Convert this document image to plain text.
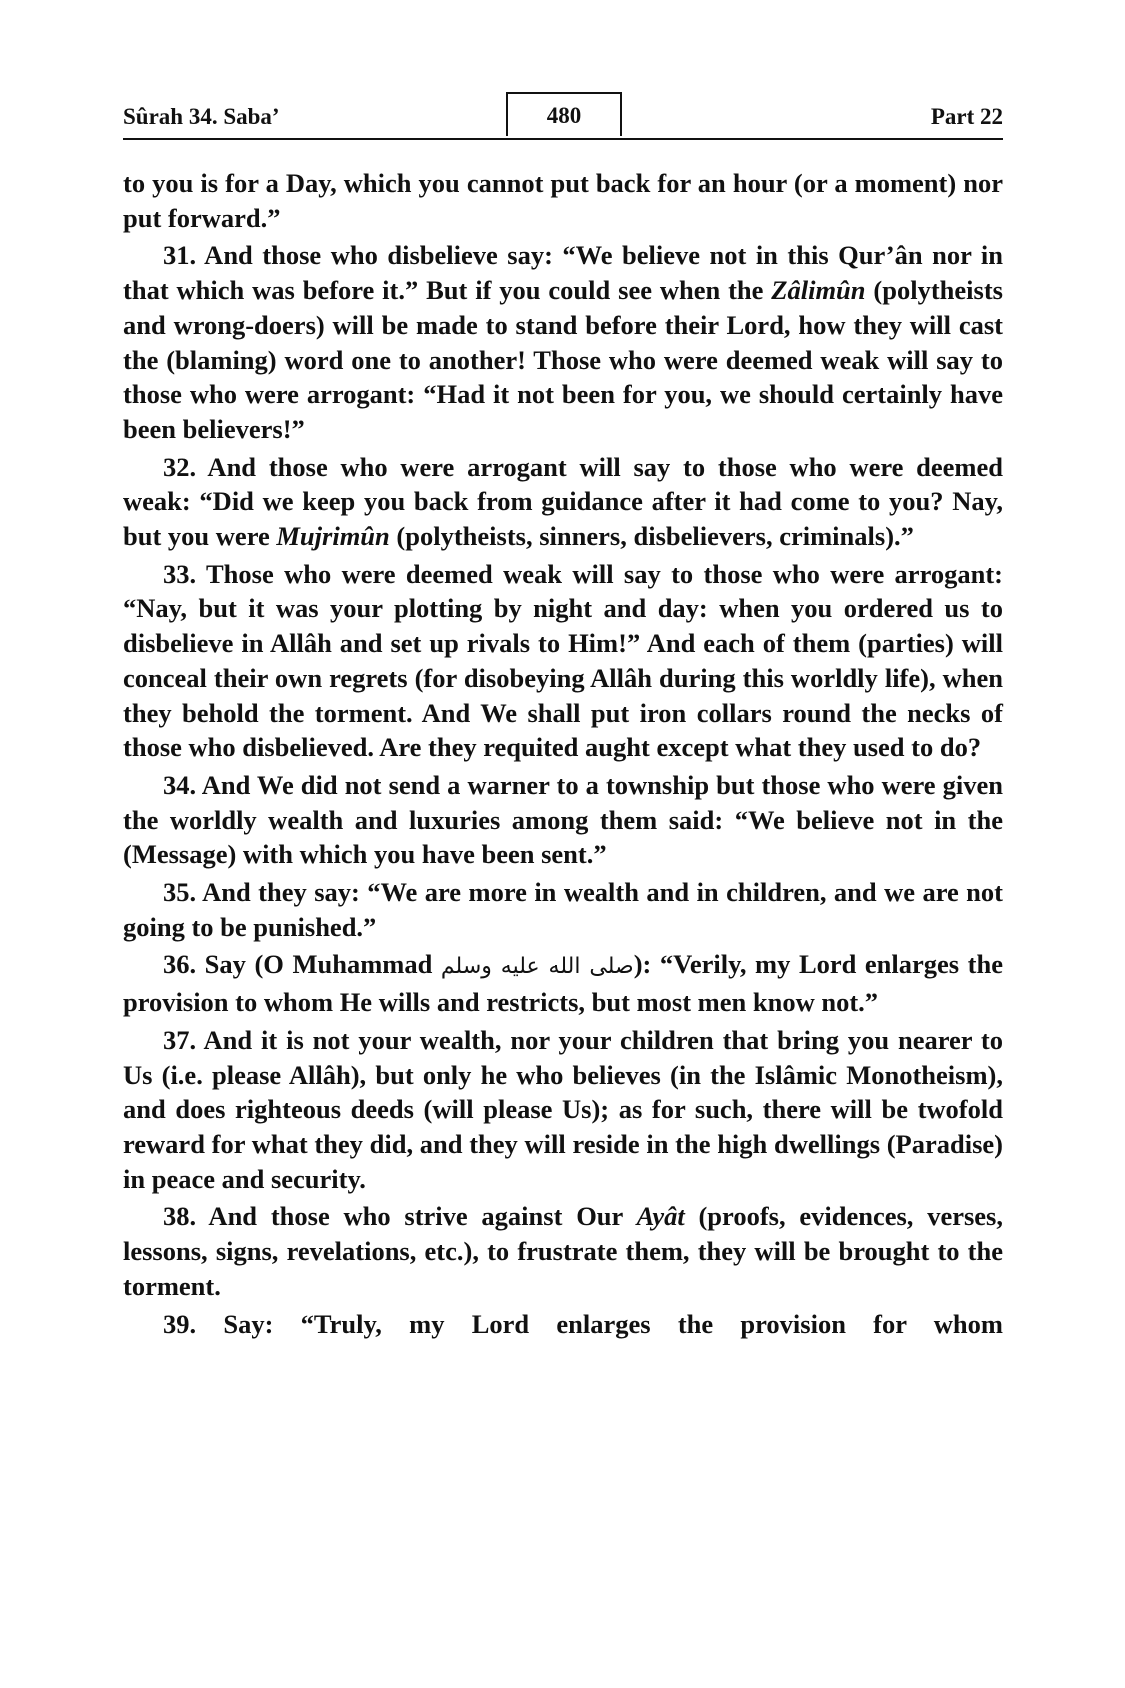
Sûrah 34. Saba’	480	Part 22

to you is for a Day, which you cannot put back for an hour (or a moment) nor put forward.”

31. And those who disbelieve say: “We believe not in this Qur’ân nor in that which was before it.” But if you could see when the Zâlimûn (polytheists and wrong-doers) will be made to stand before their Lord, how they will cast the (blaming) word one to another! Those who were deemed weak will say to those who were arrogant: “Had it not been for you, we should certainly have been believers!”

32. And those who were arrogant will say to those who were deemed weak: “Did we keep you back from guidance after it had come to you? Nay, but you were Mujrimûn (polytheists, sinners, disbelievers, criminals).”

33. Those who were deemed weak will say to those who were arrogant: “Nay, but it was your plotting by night and day: when you ordered us to disbelieve in Allâh and set up rivals to Him!” And each of them (parties) will conceal their own regrets (for disobeying Allâh during this worldly life), when they behold the torment. And We shall put iron collars round the necks of those who disbelieved. Are they requited aught except what they used to do?

34. And We did not send a warner to a township but those who were given the worldly wealth and luxuries among them said: “We believe not in the (Message) with which you have been sent.”

35. And they say: “We are more in wealth and in children, and we are not going to be punished.”

36. Say (O Muhammad صلى الله عليه وسلم): “Verily, my Lord enlarges the provision to whom He wills and restricts, but most men know not.”

37. And it is not your wealth, nor your children that bring you nearer to Us (i.e. please Allâh), but only he who believes (in the Islâmic Monotheism), and does righteous deeds (will please Us); as for such, there will be twofold reward for what they did, and they will reside in the high dwellings (Paradise) in peace and security.

38. And those who strive against Our Ayât (proofs, evidences, verses, lessons, signs, revelations, etc.), to frustrate them, they will be brought to the torment.

39. Say: “Truly, my Lord enlarges the provision for whom
